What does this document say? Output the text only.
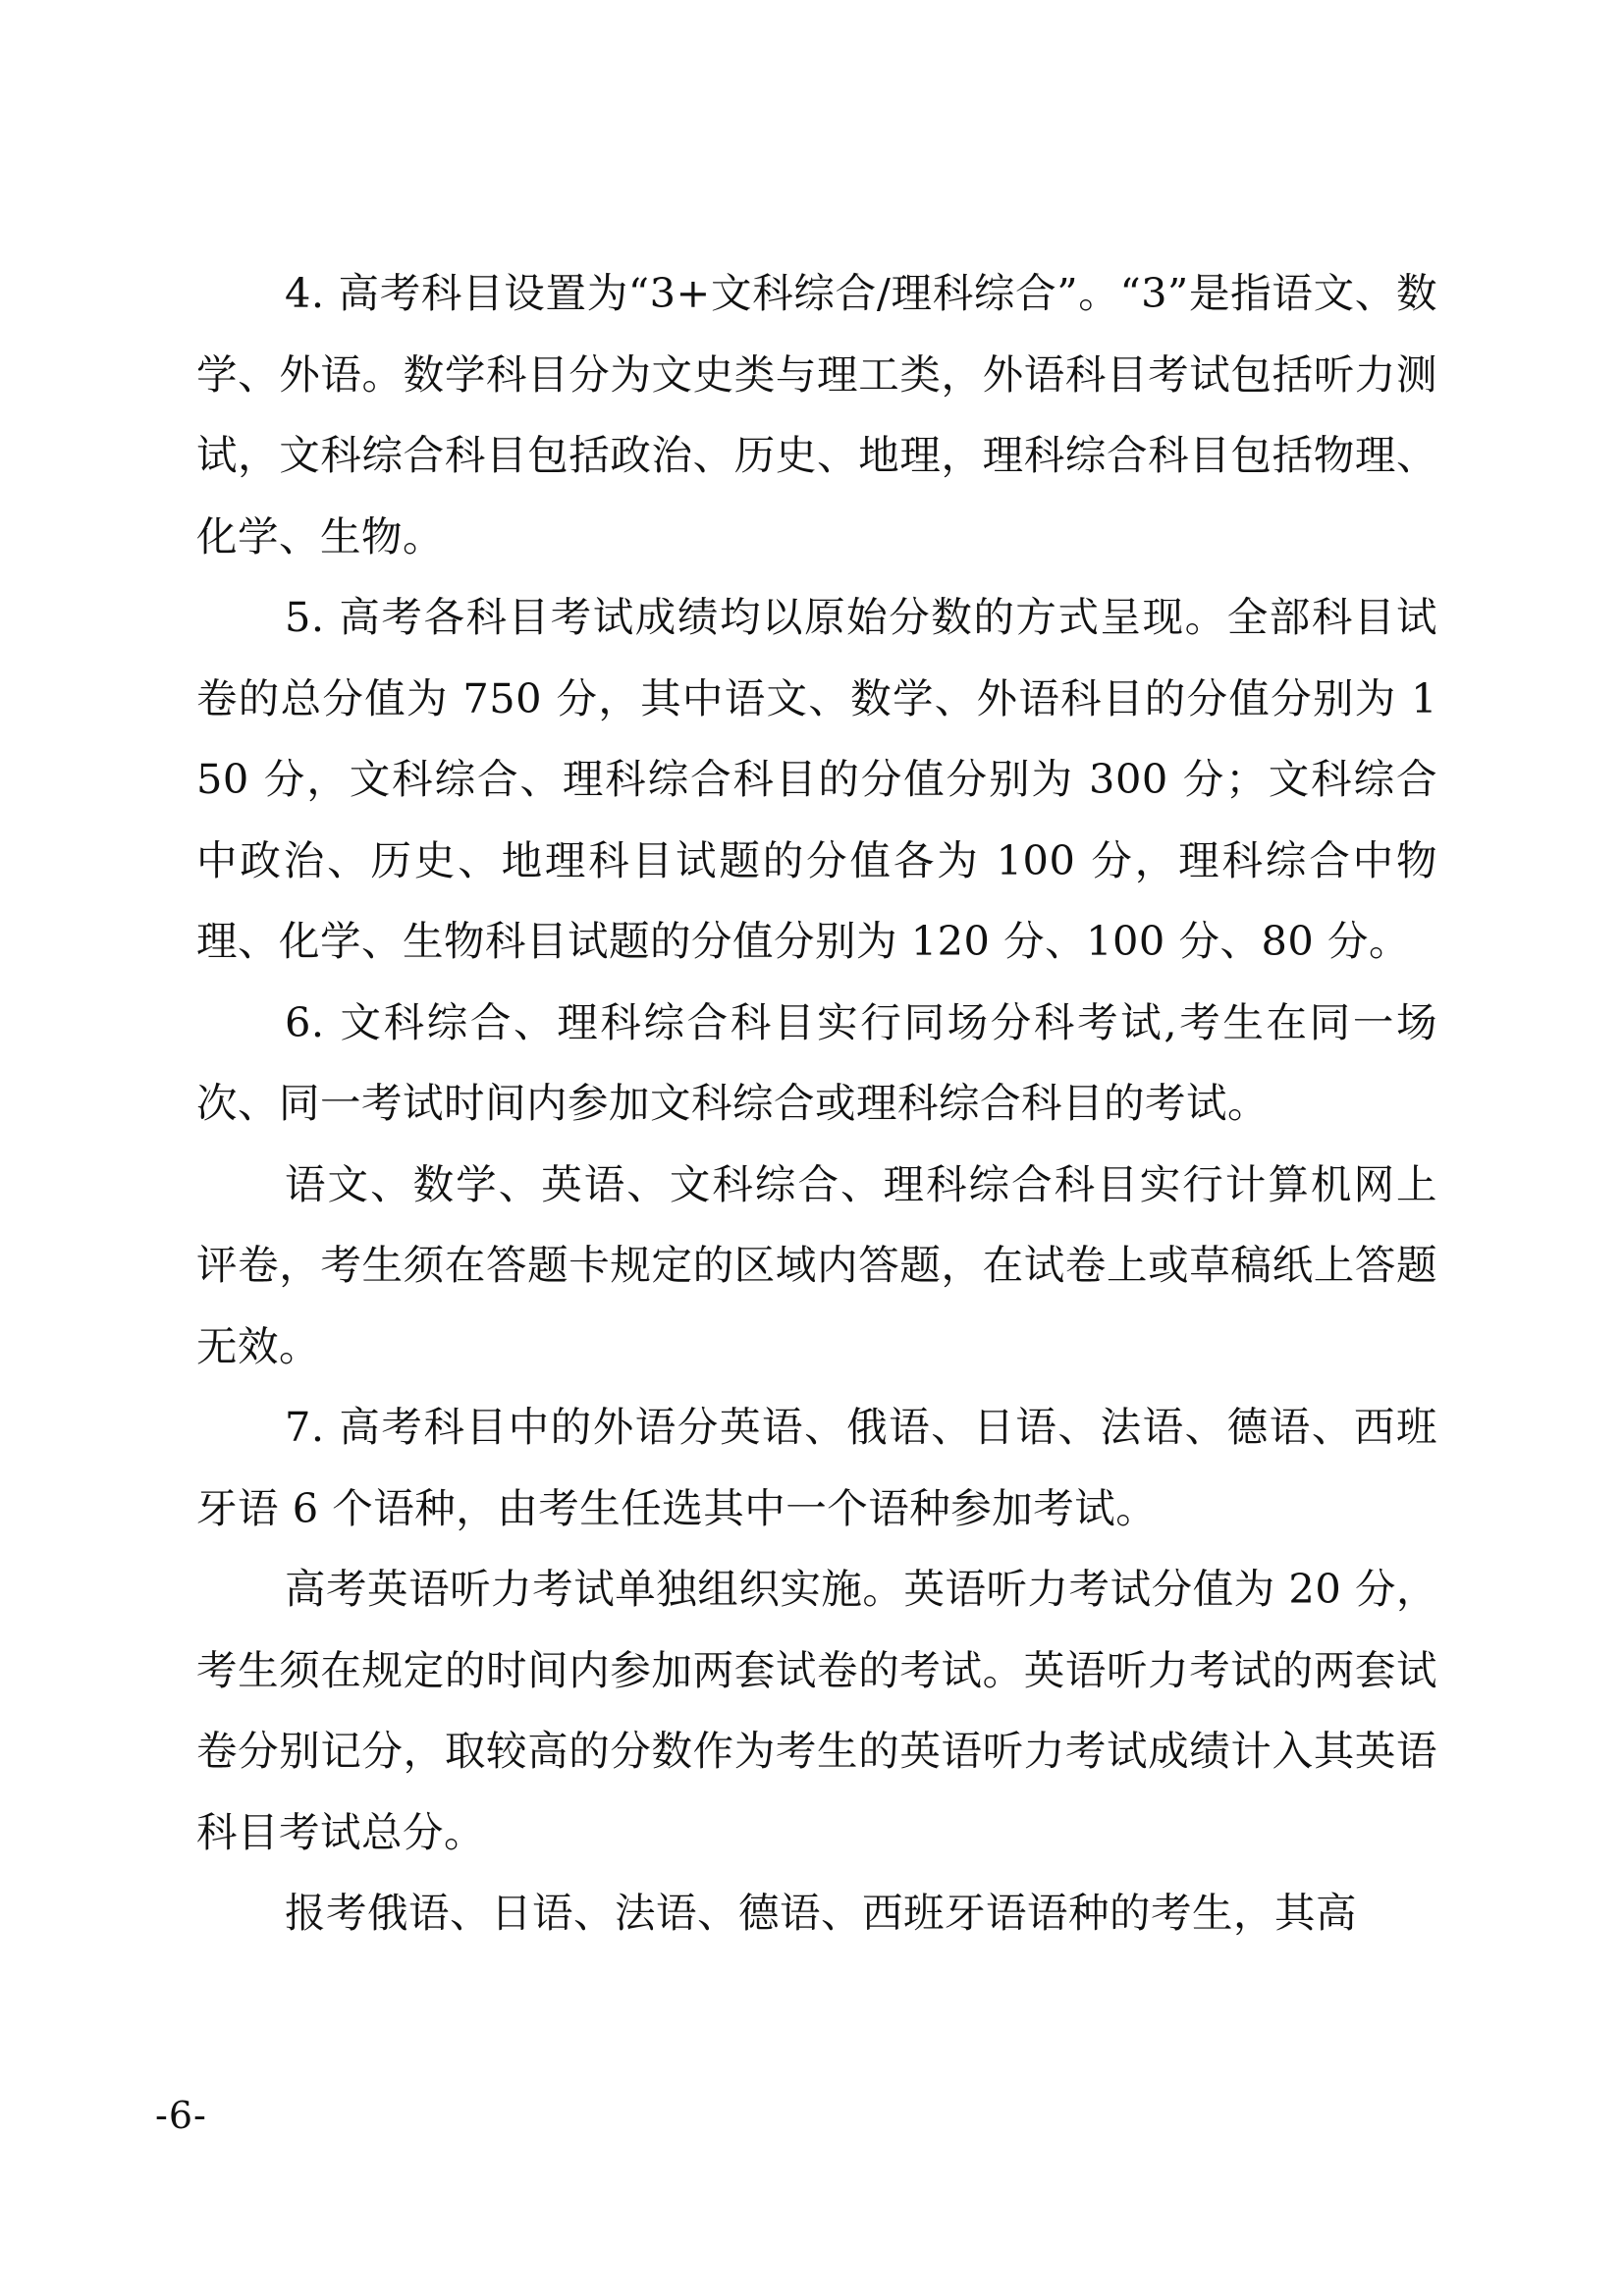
4. 高考科目设置为“3+文科综合/理科综合”。“3”是指语文、数学、外语。数学科目分为文史类与理工类，外语科目考试包括听力测试，文科综合科目包括政治、历史、地理，理科综合科目包括物理、化学、生物。

5. 高考各科目考试成绩均以原始分数的方式呈现。全部科目试卷的总分值为 750 分，其中语文、数学、外语科目的分值分别为 150 分，文科综合、理科综合科目的分值分别为 300 分；文科综合中政治、历史、地理科目试题的分值各为 100 分，理科综合中物理、化学、生物科目试题的分值分别为 120 分、100 分、80 分。

6. 文科综合、理科综合科目实行同场分科考试,考生在同一场次、同一考试时间内参加文科综合或理科综合科目的考试。

语文、数学、英语、文科综合、理科综合科目实行计算机网上评卷，考生须在答题卡规定的区域内答题，在试卷上或草稿纸上答题无效。

7. 高考科目中的外语分英语、俄语、日语、法语、德语、西班牙语 6 个语种，由考生任选其中一个语种参加考试。

高考英语听力考试单独组织实施。英语听力考试分值为 20 分，考生须在规定的时间内参加两套试卷的考试。英语听力考试的两套试卷分别记分，取较高的分数作为考生的英语听力考试成绩计入其英语科目考试总分。

报考俄语、日语、法语、德语、西班牙语语种的考生，其高

-6-
